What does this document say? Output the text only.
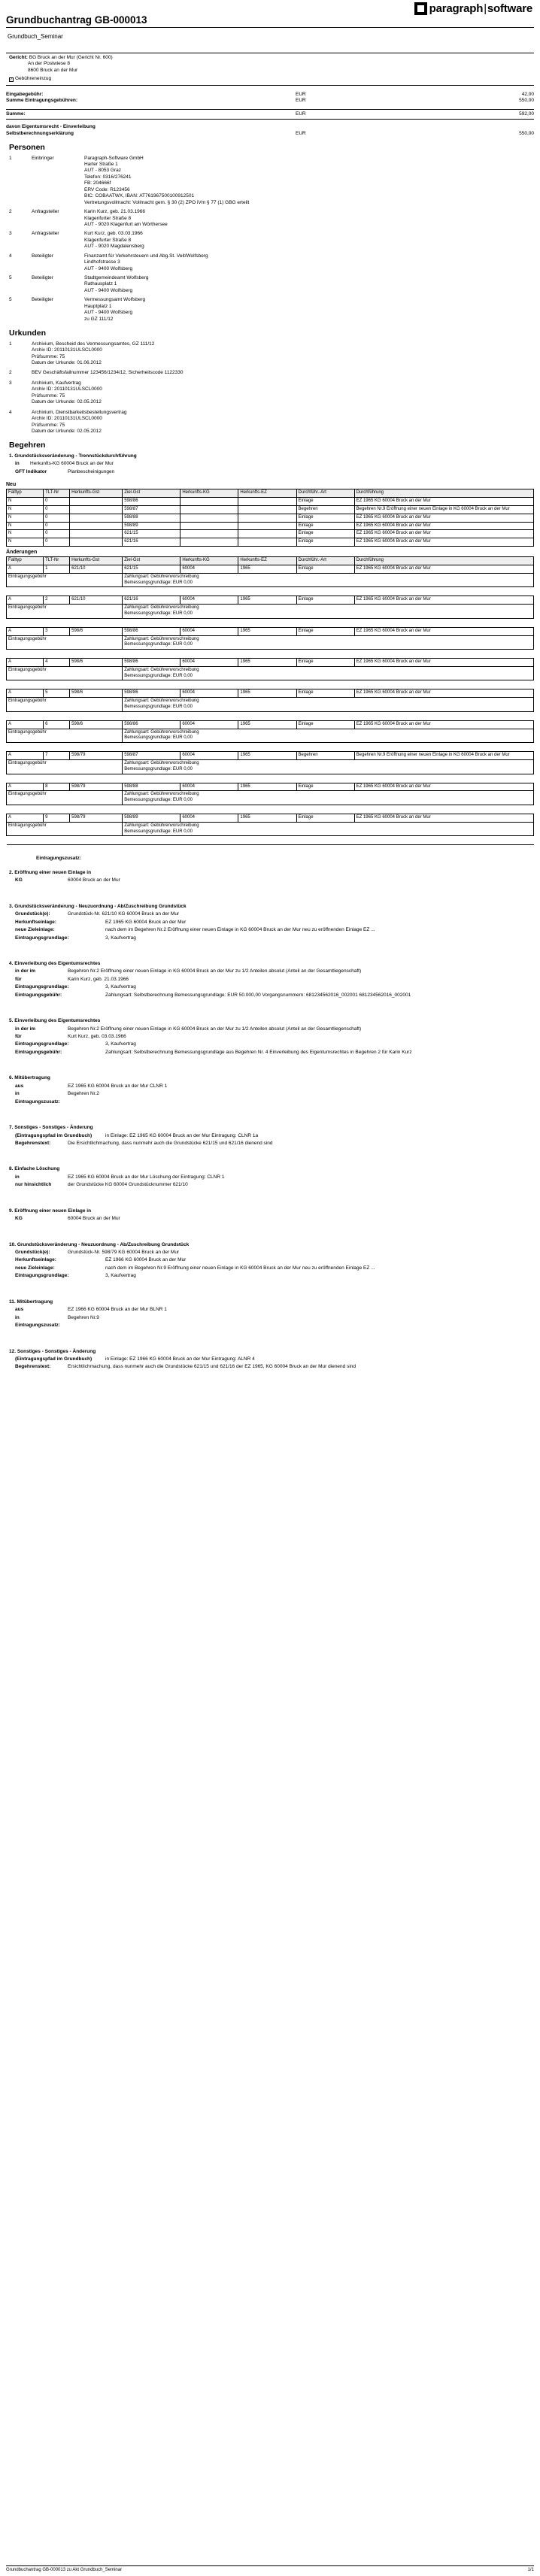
paragraph | software
Grundbuchantrag GB-000013
Grundbuch_Seminar
Gericht: BG Bruck an der Mur (Gericht Nr. 600)
An der Postwiese 8
8600 Bruck an der Mur
✓ Gebühreneinzug
Eingabegebühr:	EUR	42,00
Summe Eintragungsgebühren:	EUR	550,00
Summe:	EUR	592,00
davon Eigentumsrecht - Einverleibung
Selbstberechnungserklärung	EUR	550,00
Personen
1	Einbringer	Paragraph-Software GmbH
Harter Straße 1
AUT - 8053 Graz
Telefon: 0316/276241
FB: 204666f
ERV Code: R123456
BIC: COBAATWX, IBAN: AT761967500100912501
Vertretungsvollmacht: Vollmacht gem. § 30 (2) ZPO iVm § 77 (1) GBG erteilt
2	Anfragsteller	Karin Kurz, geb. 21.03.1966
Klagenfurter Straße 8
AUT - 9020 Klagenfurt am Wörthersee
3	Anfragsteller	Kurt Kurz, geb. 03.03.1966
Klagenfurter Straße 8
AUT - 9020 Magdalensberg
4	Beteiligter	Finanzamt für Verkehrsteuern und Abg.St. Veit/Wolfsberg
Lindhofstrasse 3
AUT - 9400 Wolfsberg
5	Beteiligter	Stadtgemeindeamt Wolfsberg
Rathausplatz 1
AUT - 9400 Wolfsberg
5	Beteiligter	Vermessungsamt Wolfsberg
Hauptplatz 1
AUT - 9400 Wolfsberg
zu GZ 111/12
Urkunden
1	Archivium, Bescheid des Vermessungsamtes, GZ 111/12
Archiv ID: 20110131ULSCL0000
Prüfsumme: 75
Datum der Urkunde: 01.06.2012
2	BEV Geschäftsfallnummer 123456/1234/12, Sicherheitscode 1122330
3	Archivium, Kaufvertrag
Archiv ID: 20110131ULSCL0000
Prüfsumme: 75
Datum der Urkunde: 02.05.2012
4	Archivium, Dienstbarkeitsbestellungsvertrag
Archiv ID: 20110131ULSCL0000
Prüfsumme: 75
Datum der Urkunde: 02.05.2012
Begehren
1. Grundstücksveränderung - Trennstückdurchführung
in	Herkunfts-KG 60004 Bruck an der Mur
GFT Indikator	Planbescheinigungen
Neu
Falltyp	TLT-Nr	Herkunfts-Gst	Ziel-Gst	Herkunfts-KG	Herkunfts-EZ	Durchführ.-Art	Durchführung
N	0		598/86			Einlage	EZ 1965 KG 60004 Bruck an der Mur
N	0		598/87			Begehren	Begehren Nr.9 Eröffnung einer neuen Einlage in KG 60004 Bruck an der Mur
N	0		598/88			Einlage	EZ 1965 KG 60004 Bruck an der Mur
N	0		598/89			Einlage	EZ 1965 KG 60004 Bruck an der Mur
N	0		621/15			Einlage	EZ 1965 KG 60004 Bruck an der Mur
N	0		621/16			Einlage	EZ 1965 KG 60004 Bruck an der Mur
Änderungen
Falltyp	TLT-Nr	Herkunfts-Gst	Ziel-Gst	Herkunfts-KG	Herkunfts-EZ	Durchführ.-Art	Durchführung
A	1	621/10	621/15	60004	1965	Einlage	EZ 1965 KG 60004 Bruck an der Mur
Eintragungsgebühr			Zahlungsart: Gebührenvorschreibung
Bemessungsgrundlage: EUR 0,00				

A	2	621/10	621/16	60004	1965	Einlage	EZ 1965 KG 60004 Bruck an der Mur
Eintragungsgebühr			Zahlungsart: Gebührenvorschreibung
Bemessungsgrundlage: EUR 0,00				

A	3	598/6	598/86	60004	1965	Einlage	EZ 1965 KG 60004 Bruck an der Mur
Eintragungsgebühr			Zahlungsart: Gebührenvorschreibung
Bemessungsgrundlage: EUR 0,00				

A	4	598/6	598/86	60004	1965	Einlage	EZ 1965 KG 60004 Bruck an der Mur
Eintragungsgebühr			Zahlungsart: Gebührenvorschreibung
Bemessungsgrundlage: EUR 0,00				

A	5	598/6	598/86	60004	1965	Einlage	EZ 1965 KG 60004 Bruck an der Mur
Eintragungsgebühr			Zahlungsart: Gebührenvorschreibung
Bemessungsgrundlage: EUR 0,00				

A	6	598/6	598/86	60004	1965	Einlage	EZ 1965 KG 60004 Bruck an der Mur
Eintragungsgebühr			Zahlungsart: Gebührenvorschreibung
Bemessungsgrundlage: EUR 0,00				

A	7	598/79	598/87	60004	1965	Begehren	Begehren Nr.9 Eröffnung einer neuen Einlage in KG 60004 Bruck an der Mur
Eintragungsgebühr			Zahlungsart: Gebührenvorschreibung
Bemessungsgrundlage: EUR 0,00				

A	8	598/79	598/88	60004	1965	Einlage	EZ 1965 KG 60004 Bruck an der Mur
Eintragungsgebühr			Zahlungsart: Gebührenvorschreibung
Bemessungsgrundlage: EUR 0,00				

A	9	598/79	598/89	60004	1965	Einlage	EZ 1965 KG 60004 Bruck an der Mur
Eintragungsgebühr			Zahlungsart: Gebührenvorschreibung
Bemessungsgrundlage: EUR 0,00				

Eintragungszusatz:
2. Eröffnung einer neuen Einlage in
KG	60004 Bruck an der Mur
3. Grundstücksveränderung - Neuzuordnung - Ab/Zuschreibung Grundstück
Grundstück(e):	Grundstück-Nr. 621/10 KG 60004 Bruck an der Mur
Herkunftseinlage:	EZ 1965 KG 60004 Bruck an der Mur
neue Zieleinlage:	nach dem im Begehren Nr.2 Eröffnung einer neuen Einlage in KG 60004 Bruck an der Mur neu zu eröffnenden Einlage EZ ...
Eintragungsgrundlage:	3, Kaufvertrag
4. Einverleibung des Eigentumsrechtes
in der im	Begehren Nr.2 Eröffnung einer neuen Einlage in KG 60004 Bruck an der Mur zu 1/2 Anteilen absolut (Anteil an der Gesamtliegenschaft)
für	Karin Kurz, geb. 21.03.1966
Eintragungsgrundlage:	3, Kaufvertrag
Eintragungsgebühr:	Zahlungsart: Selbstberechnung Bemessungsgrundlage: EUR 50.000,00 Vorgangsnummern: 681234562016_002001 681234562016_002001
5. Einverleibung des Eigentumsrechtes
in der im	Begehren Nr.2 Eröffnung einer neuen Einlage in KG 60004 Bruck an der Mur zu 1/2 Anteilen absolut (Anteil an der Gesamtliegenschaft)
für	Kurt Kurz, geb. 03.03.1966
Eintragungsgrundlage:	3, Kaufvertrag
Eintragungsgebühr:	Zahlungsart: Selbstberechnung Bemessungsgrundlage aus Begehren Nr. 4 Einverleibung des Eigentumsrechtes in Begehren 2 für Karin Kurz
6. Mitübertragung
aus	EZ 1965 KG 60004 Bruck an der Mur CLNR 1
in	Begehren Nr.2
Eintragungszusatz:
7. Sonstiges - Sonstiges - Änderung
(Eintragungspfad im Grundbuch)	in Einlage: EZ 1965 KG 60004 Bruck an der Mur Eintragung: CLNR 1a
Begehrenstext:	Die Ersichtlichmachung, dass nunmehr auch die Grundstücke 621/15 und 621/16 dienend sind
8. Einfache Löschung
in	EZ 1965 KG 60004 Bruck an der Mur Löschung der Eintragung: CLNR 1
nur hinsichtlich	der Grundstücke KG 60004 Grundstücknummer 621/10
9. Eröffnung einer neuen Einlage in
KG	60004 Bruck an der Mur
10. Grundstücksveränderung - Neuzuordnung - Ab/Zuschreibung Grundstück
Grundstück(e):	Grundstück-Nr. 598/79 KG 60004 Bruck an der Mur
Herkunftseinlage:	EZ 1966 KG 60004 Bruck an der Mur
neue Zieleinlage:	nach dem im Begehren Nr.9 Eröffnung einer neuen Einlage in KG 60004 Bruck an der Mur neu zu eröffnenden Einlage EZ ...
Eintragungsgrundlage:	3, Kaufvertrag
11. Mitübertragung
aus	EZ 1966 KG 60004 Bruck an der Mur BLNR 1
in	Begehren Nr.9
Eintragungszusatz:
12. Sonstiges - Sonstiges - Änderung
(Eintragungspfad im Grundbuch)	in Einlage: EZ 1966 KG 60004 Bruck an der Mur Eintragung: ALNR 4
Begehrenstext:	Ersichtlichmachung, dass nunmehr auch die Grundstücke 621/15 und 621/16 der EZ 1965, KG 60004 Bruck an der Mur dienend sind
Grundbuchantrag GB-000013 zu Akt Grundbuch_Seminar	1/1
